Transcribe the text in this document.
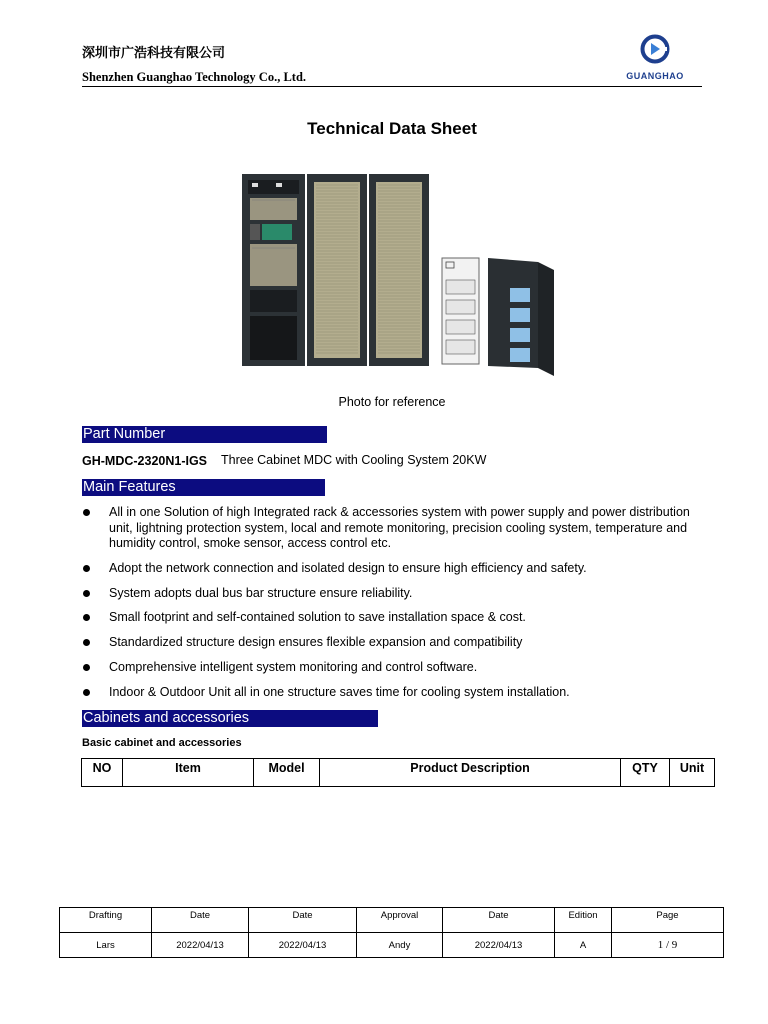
深圳市广浩科技有限公司
Shenzhen Guanghao Technology Co., Ltd.	GUANGHAO
Technical Data Sheet
Photo for reference
Part Number
GH-MDC-2320N1-IGS Three Cabinet MDC with Cooling System 20KW
Main Features
All in one Solution of high Integrated rack & accessories system with power supply and power distribution unit, lightning protection system, local and remote monitoring, precision cooling system, temperature and humidity control, smoke sensor, access control etc.
Adopt the network connection and isolated design to ensure high efficiency and safety.
System adopts dual bus bar structure ensure reliability.
Small footprint and self-contained solution to save installation space & cost.
Standardized structure design ensures flexible expansion and compatibility
Comprehensive intelligent system monitoring and control software.
Indoor & Outdoor Unit all in one structure saves time for cooling system installation.
Cabinets and accessories
Basic cabinet and accessories
NO	Item	Model	Product Description	QTY	Unit
Drafting	Date	Date	Approval	Date	Edition	Page
Lars	2022/04/13	2022/04/13	Andy	2022/04/13	A	1 / 9
